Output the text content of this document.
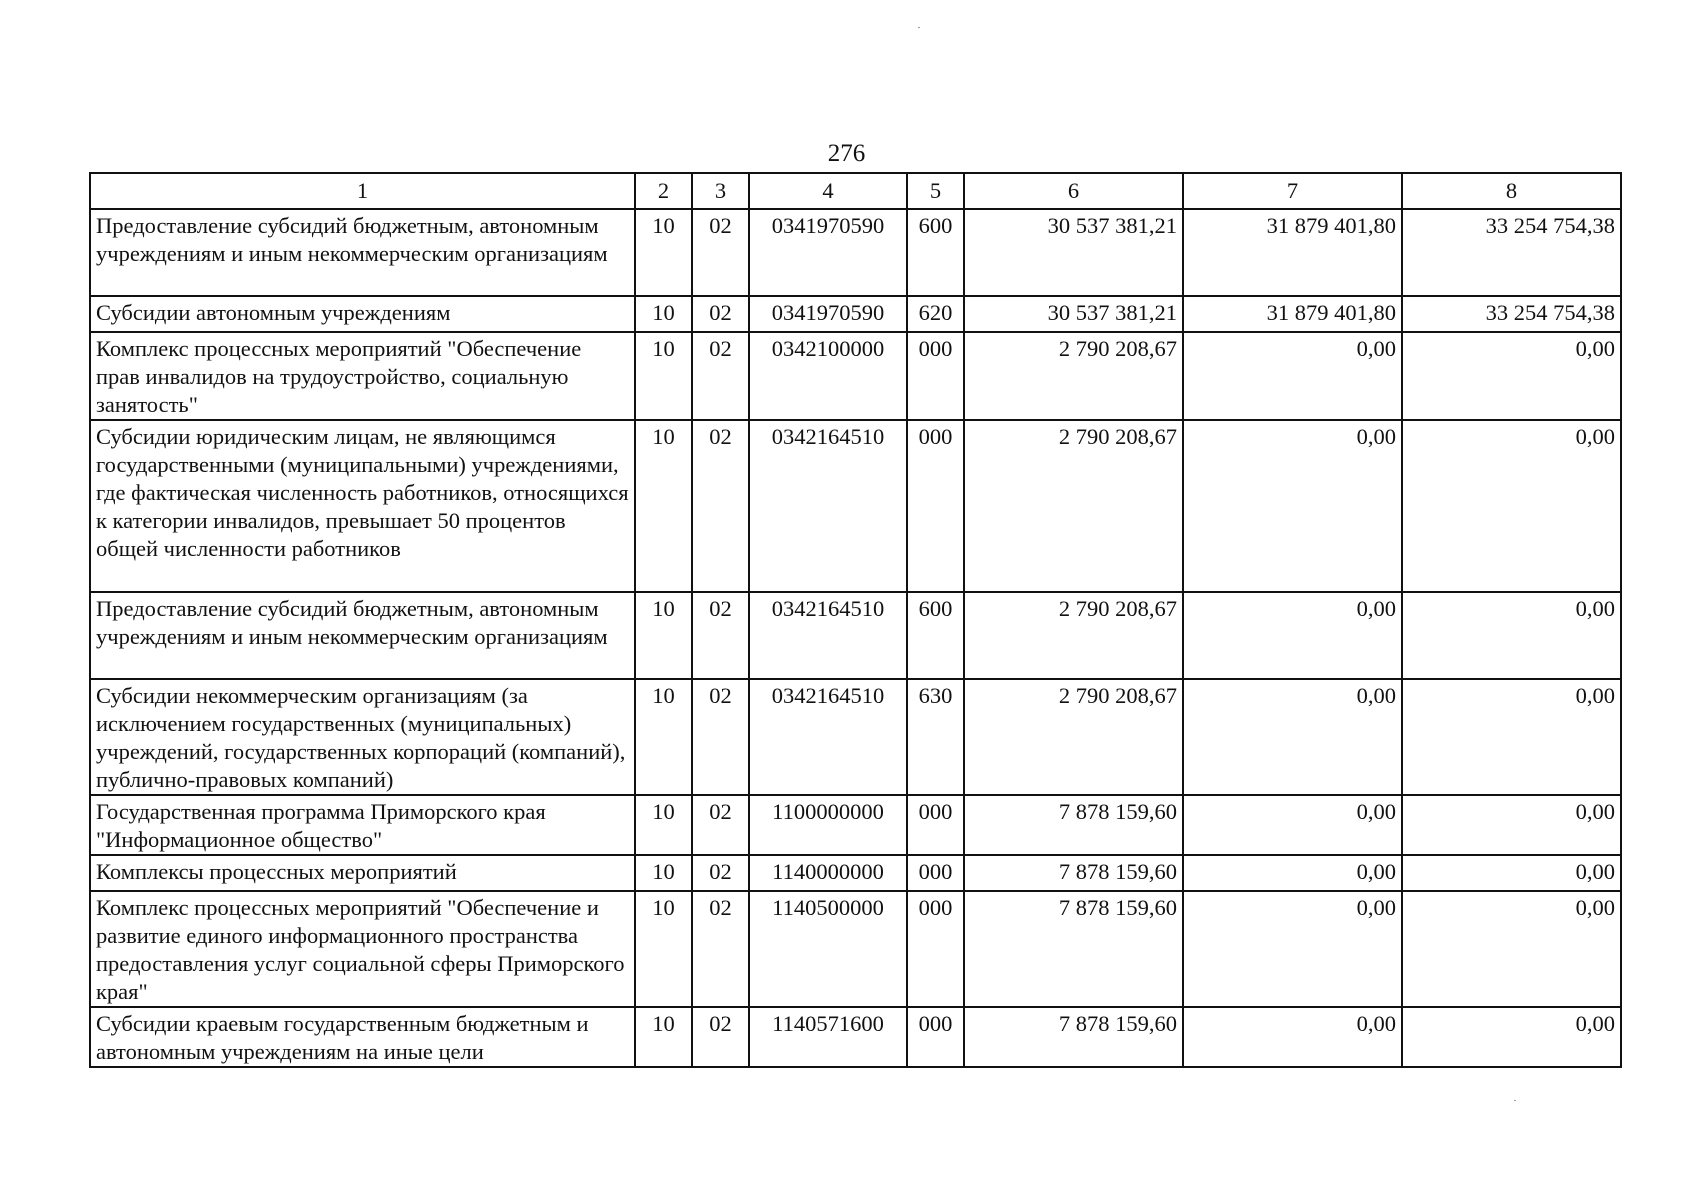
276
1	2	3	4	5	6	7	8
Предоставление субсидий бюджетным, автономным учреждениям и иным некоммерческим организациям	10	02	0341970590	600	30 537 381,21	31 879 401,80	33 254 754,38
Субсидии автономным учреждениям	10	02	0341970590	620	30 537 381,21	31 879 401,80	33 254 754,38
Комплекс процессных мероприятий "Обеспечение прав инвалидов на трудоустройство, социальную занятость"	10	02	0342100000	000	2 790 208,67	0,00	0,00
Субсидии юридическим лицам, не являющимся государственными (муниципальными) учреждениями, где фактическая численность работников, относящихся к категории инвалидов, превышает 50 процентов общей численности работников	10	02	0342164510	000	2 790 208,67	0,00	0,00
Предоставление субсидий бюджетным, автономным учреждениям и иным некоммерческим организациям	10	02	0342164510	600	2 790 208,67	0,00	0,00
Субсидии некоммерческим организациям (за исключением государственных (муниципальных) учреждений, государственных корпораций (компаний), публично-правовых компаний)	10	02	0342164510	630	2 790 208,67	0,00	0,00
Государственная программа Приморского края "Информационное общество"	10	02	1100000000	000	7 878 159,60	0,00	0,00
Комплексы процессных мероприятий	10	02	1140000000	000	7 878 159,60	0,00	0,00
Комплекс процессных мероприятий "Обеспечение и развитие единого информационного пространства предоставления услуг социальной сферы Приморского края"	10	02	1140500000	000	7 878 159,60	0,00	0,00
Субсидии краевым государственным бюджетным и автономным учреждениям на иные цели	10	02	1140571600	000	7 878 159,60	0,00	0,00
